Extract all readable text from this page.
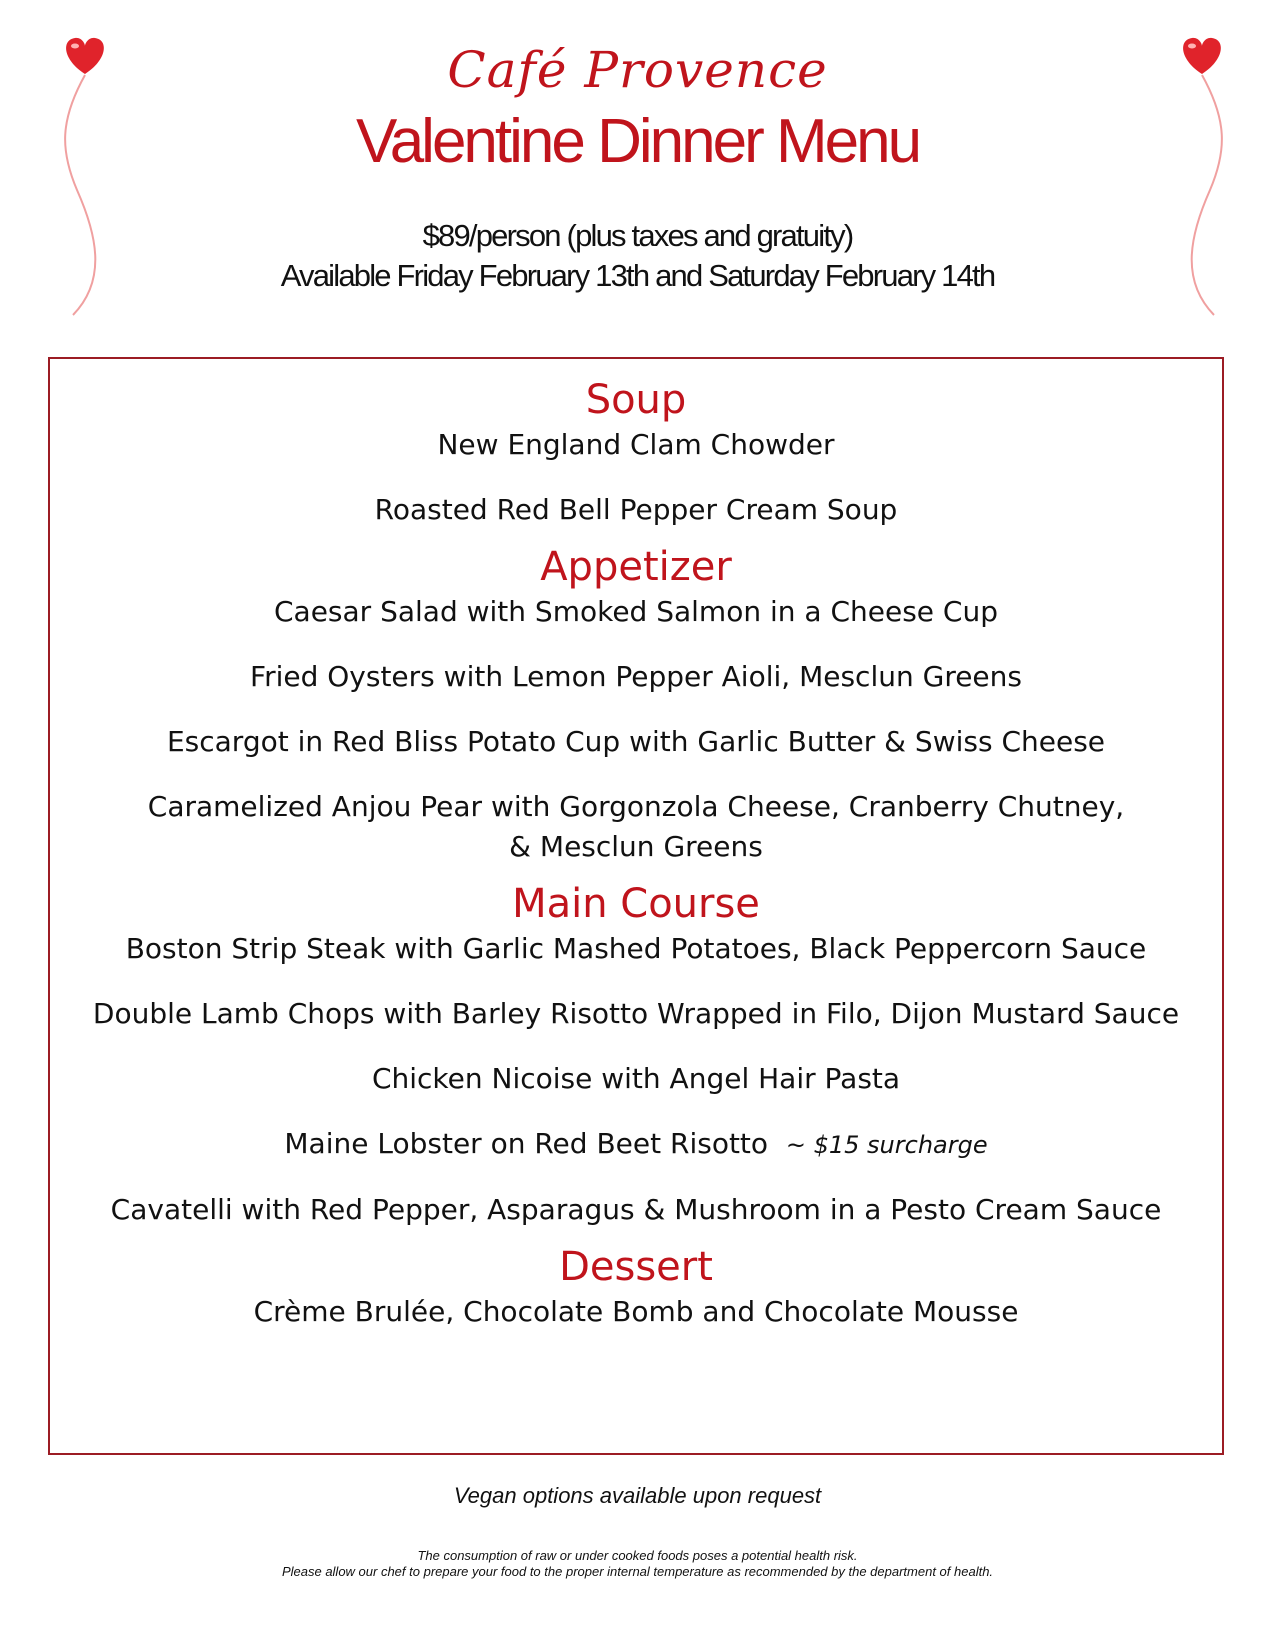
Café Provence
Valentine Dinner Menu
$89/person (plus taxes and gratuity)
Available Friday February 13th and Saturday February 14th
Soup
New England Clam Chowder
Roasted Red Bell Pepper Cream Soup
Appetizer
Caesar Salad with Smoked Salmon in a Cheese Cup
Fried Oysters with Lemon Pepper Aioli, Mesclun Greens
Escargot in Red Bliss Potato Cup with Garlic Butter & Swiss Cheese
Caramelized Anjou Pear with Gorgonzola Cheese, Cranberry Chutney,
& Mesclun Greens
Main Course
Boston Strip Steak with Garlic Mashed Potatoes, Black Peppercorn Sauce
Double Lamb Chops with Barley Risotto Wrapped in Filo, Dijon Mustard Sauce
Chicken Nicoise with Angel Hair Pasta
Maine Lobster on Red Beet Risotto ~ $15 surcharge
Cavatelli with Red Pepper, Asparagus & Mushroom in a Pesto Cream Sauce
Dessert
Crème Brulée, Chocolate Bomb and Chocolate Mousse
Vegan options available upon request
The consumption of raw or under cooked foods poses a potential health risk.
Please allow our chef to prepare your food to the proper internal temperature as recommended by the department of health.
